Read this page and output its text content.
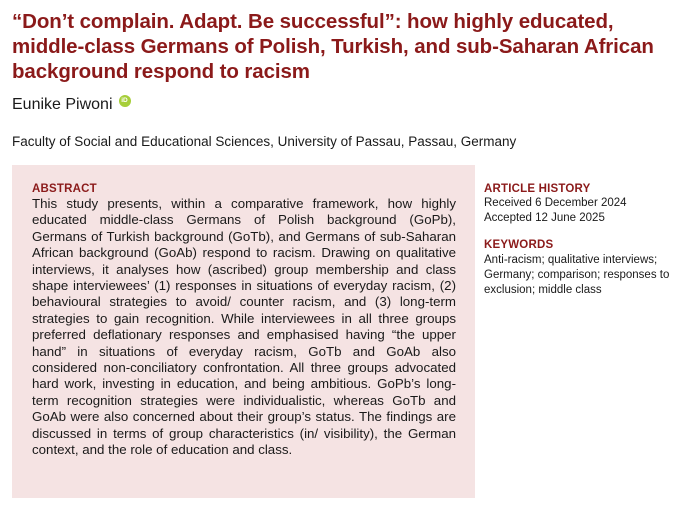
“Don’t complain. Adapt. Be successful”: how highly educated, middle-class Germans of Polish, Turkish, and sub-Saharan African background respond to racism
Eunike Piwoni	iD
Faculty of Social and Educational Sciences, University of Passau, Passau, Germany
ABSTRACT

This study presents, within a comparative framework, how highly educated middle-class Germans of Polish background (GoPb), Germans of Turkish background (GoTb), and Germans of sub-Saharan African background (GoAb) respond to racism. Drawing on qualitative interviews, it analyses how (ascribed) group membership and class shape interviewees’ (1) responses in situations of everyday racism, (2) behavioural strategies to avoid/ counter racism, and (3) long-term strategies to gain recognition. While interviewees in all three groups preferred deflationary responses and emphasised having “the upper hand” in situations of everyday racism, GoTb and GoAb also considered non-conciliatory confrontation. All three groups advocated hard work, investing in education, and being ambitious. GoPb’s long-term recognition strategies were individualistic, whereas GoTb and GoAb were also concerned about their group’s status. The findings are discussed in terms of group characteristics (in/ visibility), the German context, and the role of education and class.

ARTICLE HISTORY
Received 6 December 2024
Accepted 12 June 2025
KEYWORDS

Anti-racism; qualitative interviews; Germany; comparison; responses to exclusion; middle class
